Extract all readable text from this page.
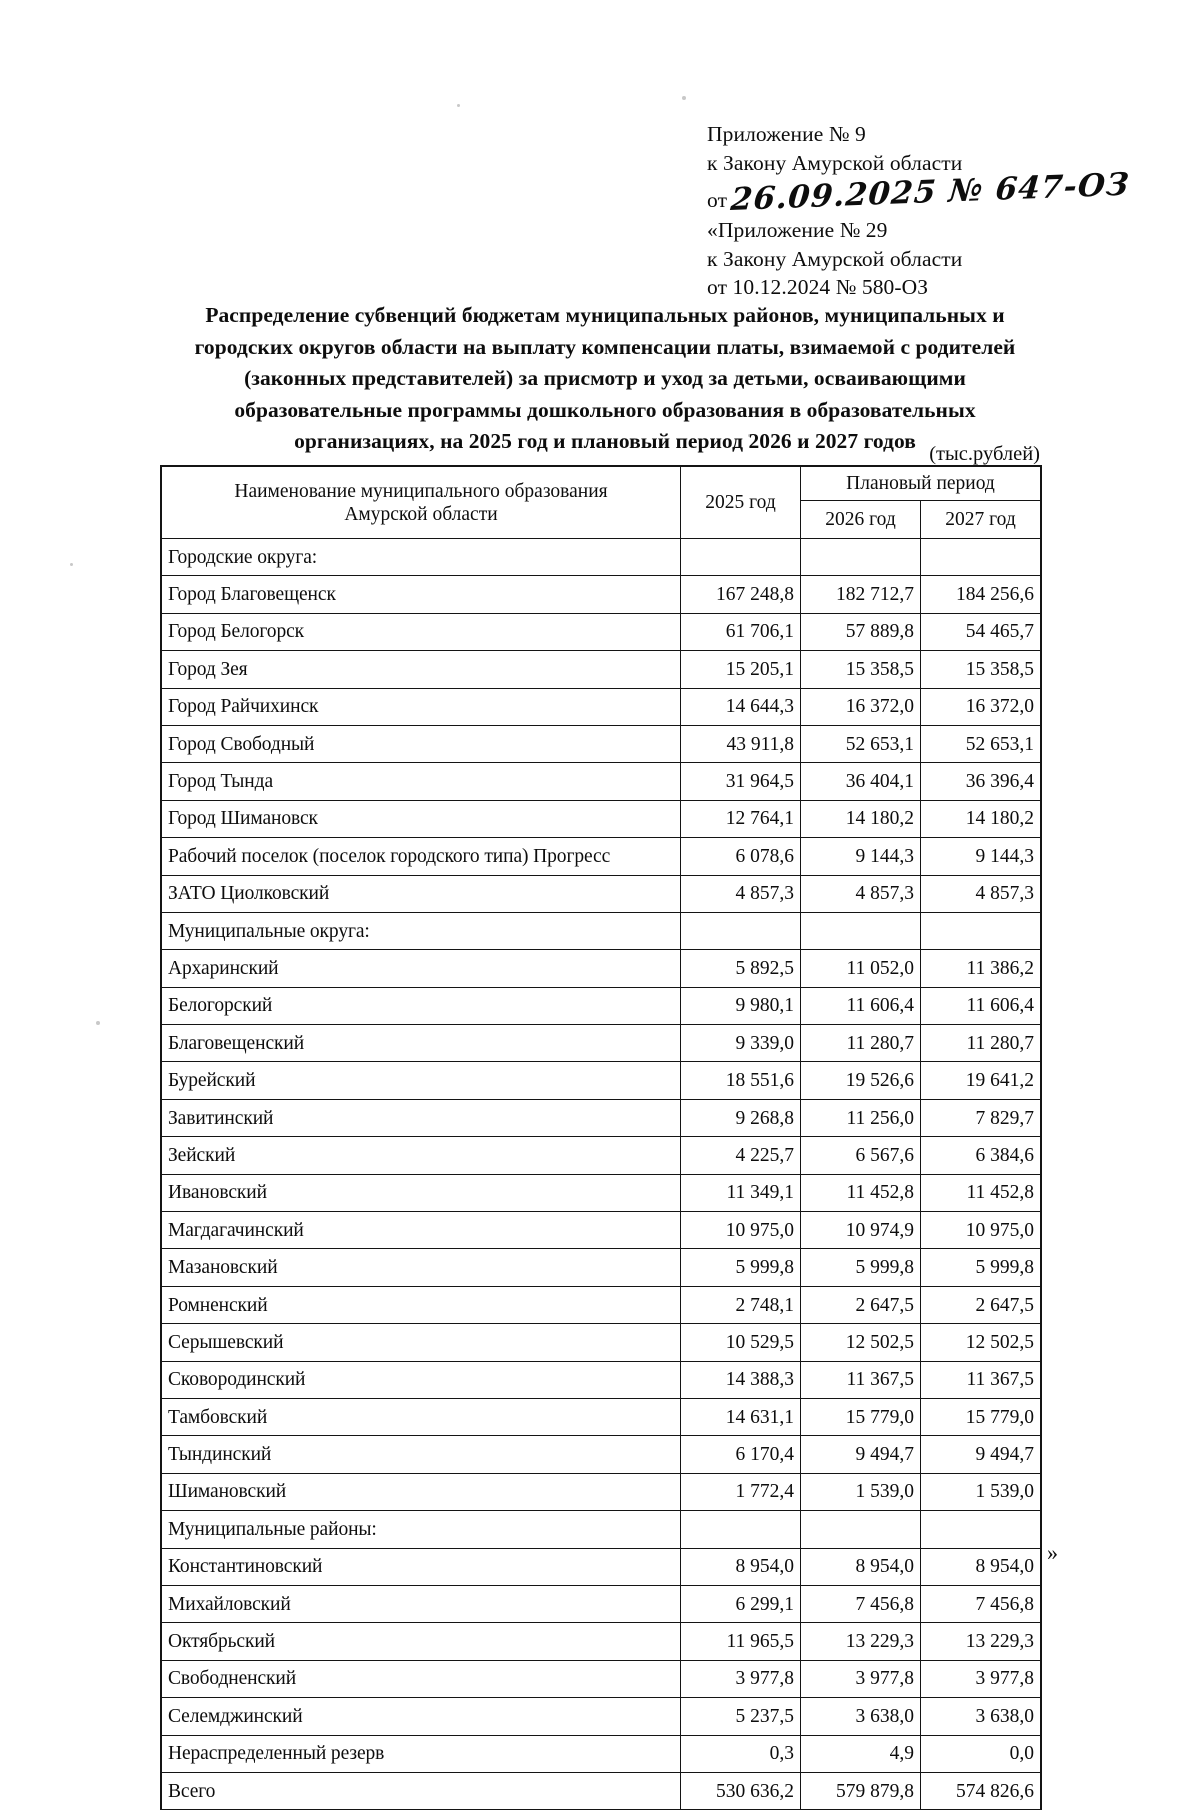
Приложение № 9
к Закону Амурской области
от 26.09.2025 № 647-ОЗ
«Приложение № 29
к Закону Амурской области
от 10.12.2024 № 580-ОЗ
Распределение субвенций бюджетам муниципальных районов, муниципальных и
городских округов области на выплату компенсации платы, взимаемой с родителей
(законных представителей) за присмотр и уход за детьми, осваивающими
образовательные программы дошкольного образования в образовательных
организациях, на 2025 год и плановый период 2026 и 2027 годов
(тыс.рублей)
Наименование муниципального образования
Амурской области	2025 год	Плановый период	
		2026 год	2027 год
Городские округа:			
Город Благовещенск	167 248,8	182 712,7	184 256,6
Город Белогорск	61 706,1	57 889,8	54 465,7
Город Зея	15 205,1	15 358,5	15 358,5
Город Райчихинск	14 644,3	16 372,0	16 372,0
Город Свободный	43 911,8	52 653,1	52 653,1
Город Тында	31 964,5	36 404,1	36 396,4
Город Шимановск	12 764,1	14 180,2	14 180,2
Рабочий поселок (поселок городского типа) Прогресс	6 078,6	9 144,3	9 144,3
ЗАТО Циолковский	4 857,3	4 857,3	4 857,3
Муниципальные округа:			
Архаринский	5 892,5	11 052,0	11 386,2
Белогорский	9 980,1	11 606,4	11 606,4
Благовещенский	9 339,0	11 280,7	11 280,7
Бурейский	18 551,6	19 526,6	19 641,2
Завитинский	9 268,8	11 256,0	7 829,7
Зейский	4 225,7	6 567,6	6 384,6
Ивановский	11 349,1	11 452,8	11 452,8
Магдагачинский	10 975,0	10 974,9	10 975,0
Мазановский	5 999,8	5 999,8	5 999,8
Ромненский	2 748,1	2 647,5	2 647,5
Серышевский	10 529,5	12 502,5	12 502,5
Сковородинский	14 388,3	11 367,5	11 367,5
Тамбовский	14 631,1	15 779,0	15 779,0
Тындинский	6 170,4	9 494,7	9 494,7
Шимановский	1 772,4	1 539,0	1 539,0
Муниципальные районы:			
Константиновский	8 954,0	8 954,0	8 954,0
Михайловский	6 299,1	7 456,8	7 456,8
Октябрьский	11 965,5	13 229,3	13 229,3
Свободненский	3 977,8	3 977,8	3 977,8
Селемджинский	5 237,5	3 638,0	3 638,0
Нераспределенный резерв	0,3	4,9	0,0
Всего	530 636,2	579 879,8	574 826,6
»
